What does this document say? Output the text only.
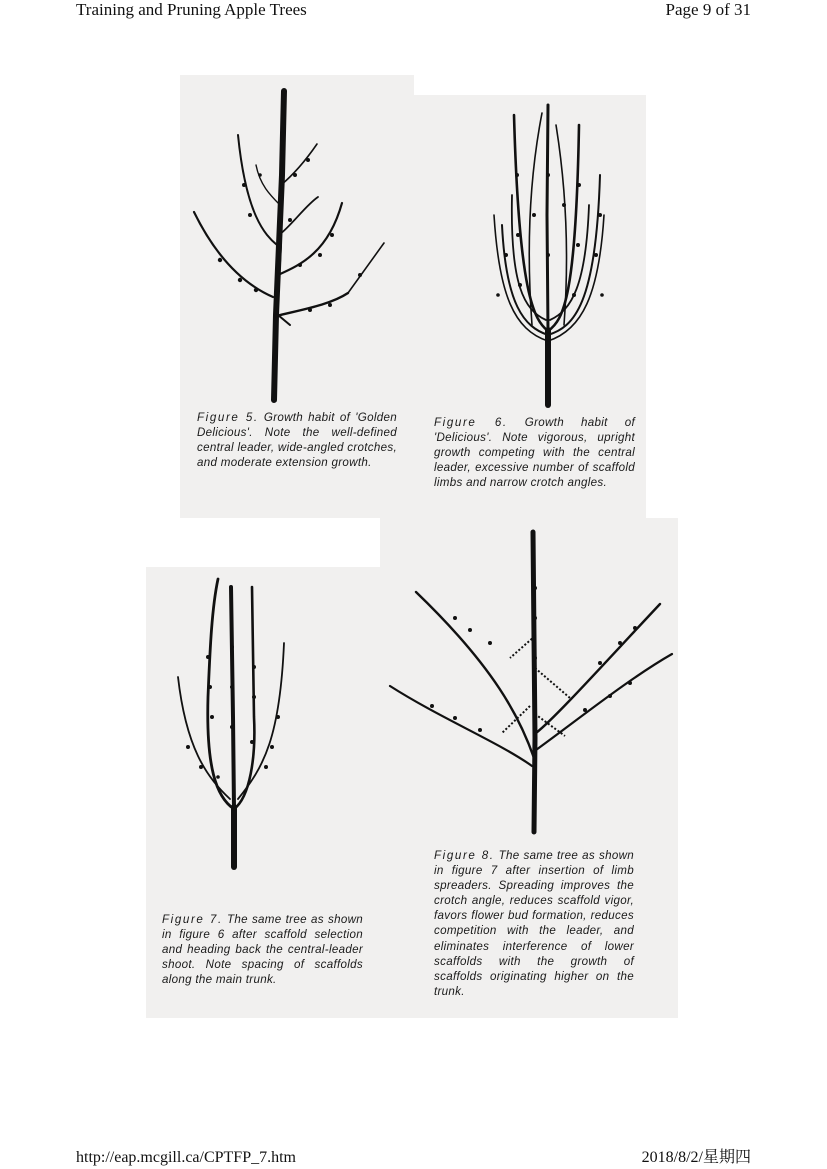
Training and Pruning Apple Trees	Page 9 of 31

Figure 5. Growth habit of 'Golden Delicious'. Note the well-defined central leader, wide-angled crotches, and moderate extension growth.

Figure 6. Growth habit of 'Delicious'. Note vigorous, upright growth competing with the central leader, excessive number of scaffold limbs and narrow crotch angles.

Figure 7. The same tree as shown in figure 6 after scaffold selection and heading back the central-leader shoot. Note spacing of scaffolds along the main trunk.

Figure 8. The same tree as shown in figure 7 after insertion of limb spreaders. Spreading improves the crotch angle, reduces scaffold vigor, favors flower bud formation, reduces competition with the leader, and eliminates interference of lower scaffolds with the growth of scaffolds originating higher on the trunk.

http://eap.mcgill.ca/CPTFP_7.htm	2018/8/2/星期四
